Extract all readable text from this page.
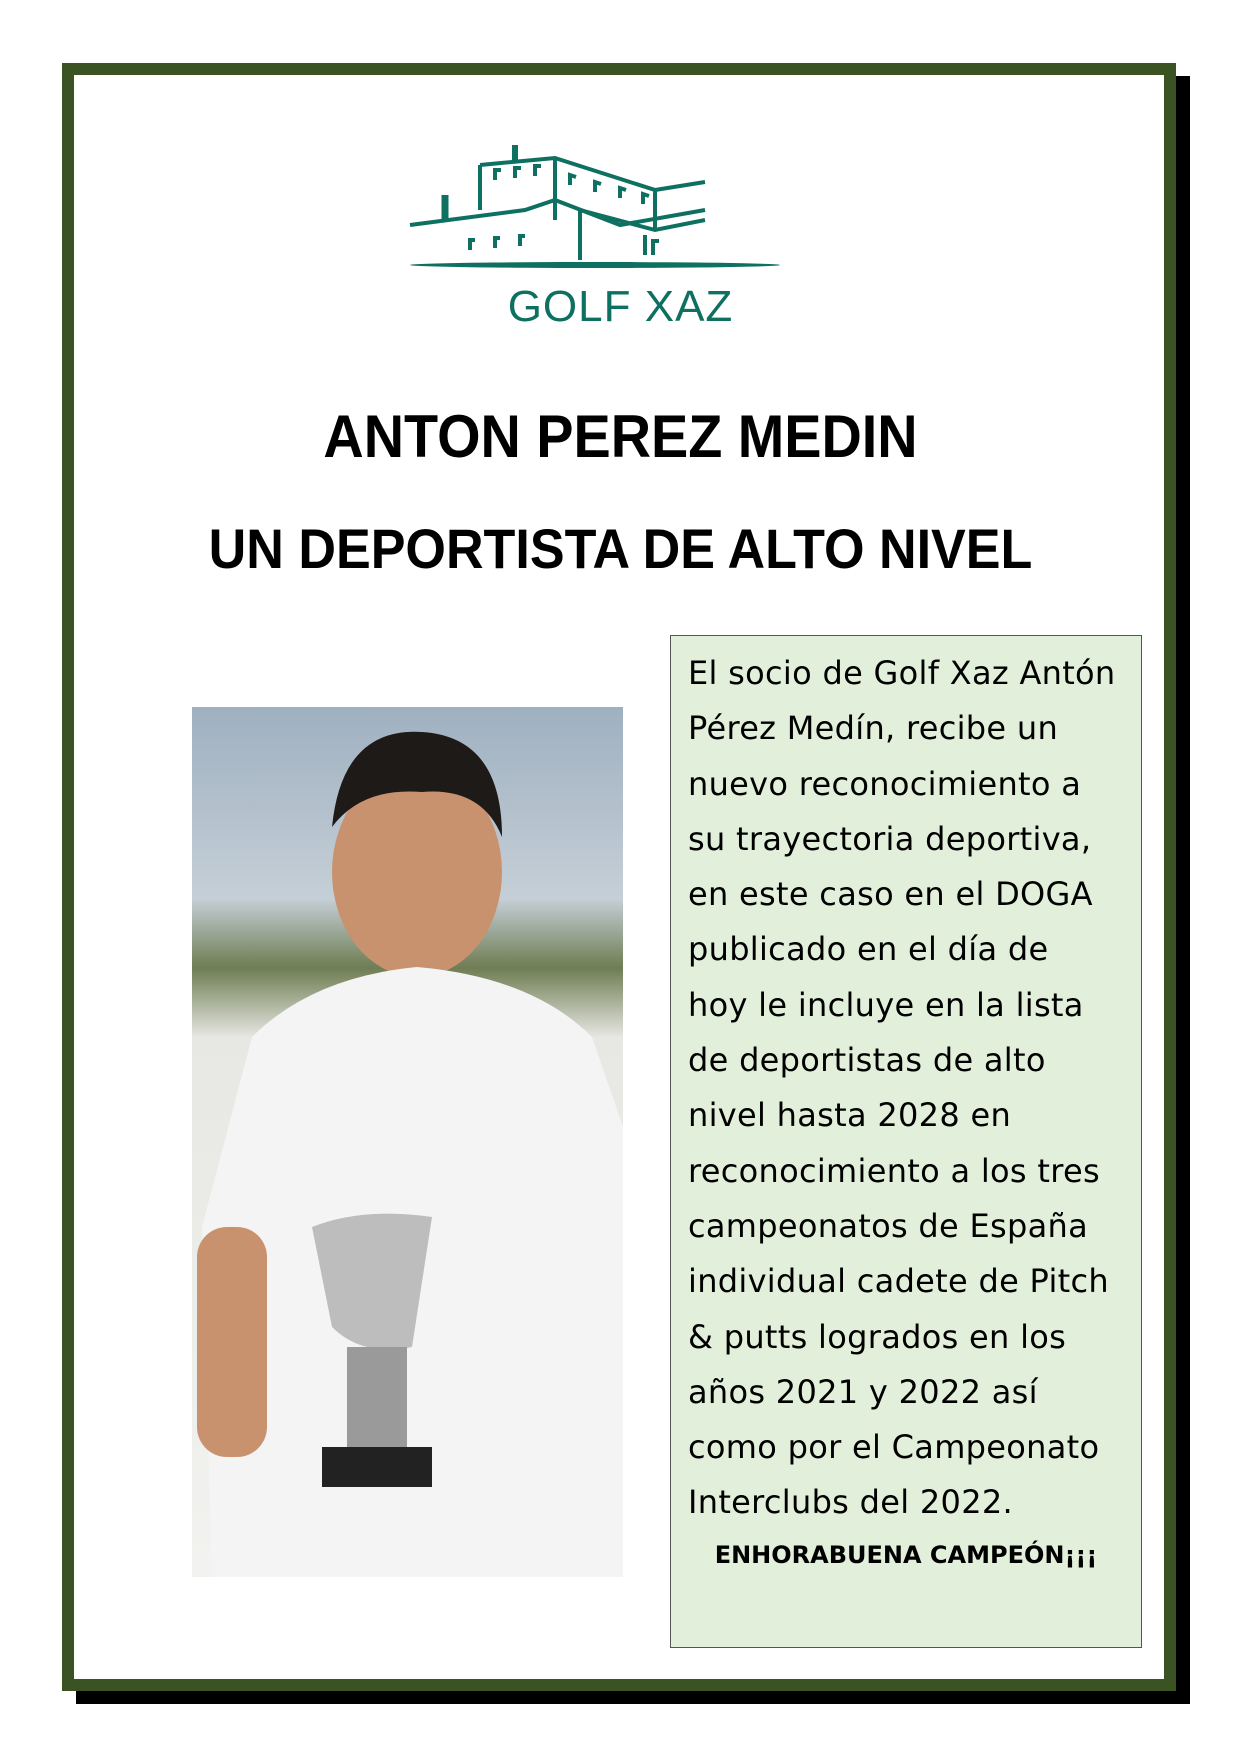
GOLF XAZ
ANTON PEREZ MEDIN
UN DEPORTISTA DE ALTO NIVEL
El socio de Golf Xaz Antón
Pérez Medín, recibe un
nuevo reconocimiento a
su trayectoria deportiva,
en este caso en el DOGA
publicado en el día de
hoy le incluye en la lista
de deportistas de alto
nivel hasta 2028 en
reconocimiento a los tres
campeonatos de España
individual cadete de Pitch
& putts logrados en los
años 2021 y 2022 así
como por el Campeonato
Interclubs del 2022.
ENHORABUENA CAMPEÓN¡¡¡
